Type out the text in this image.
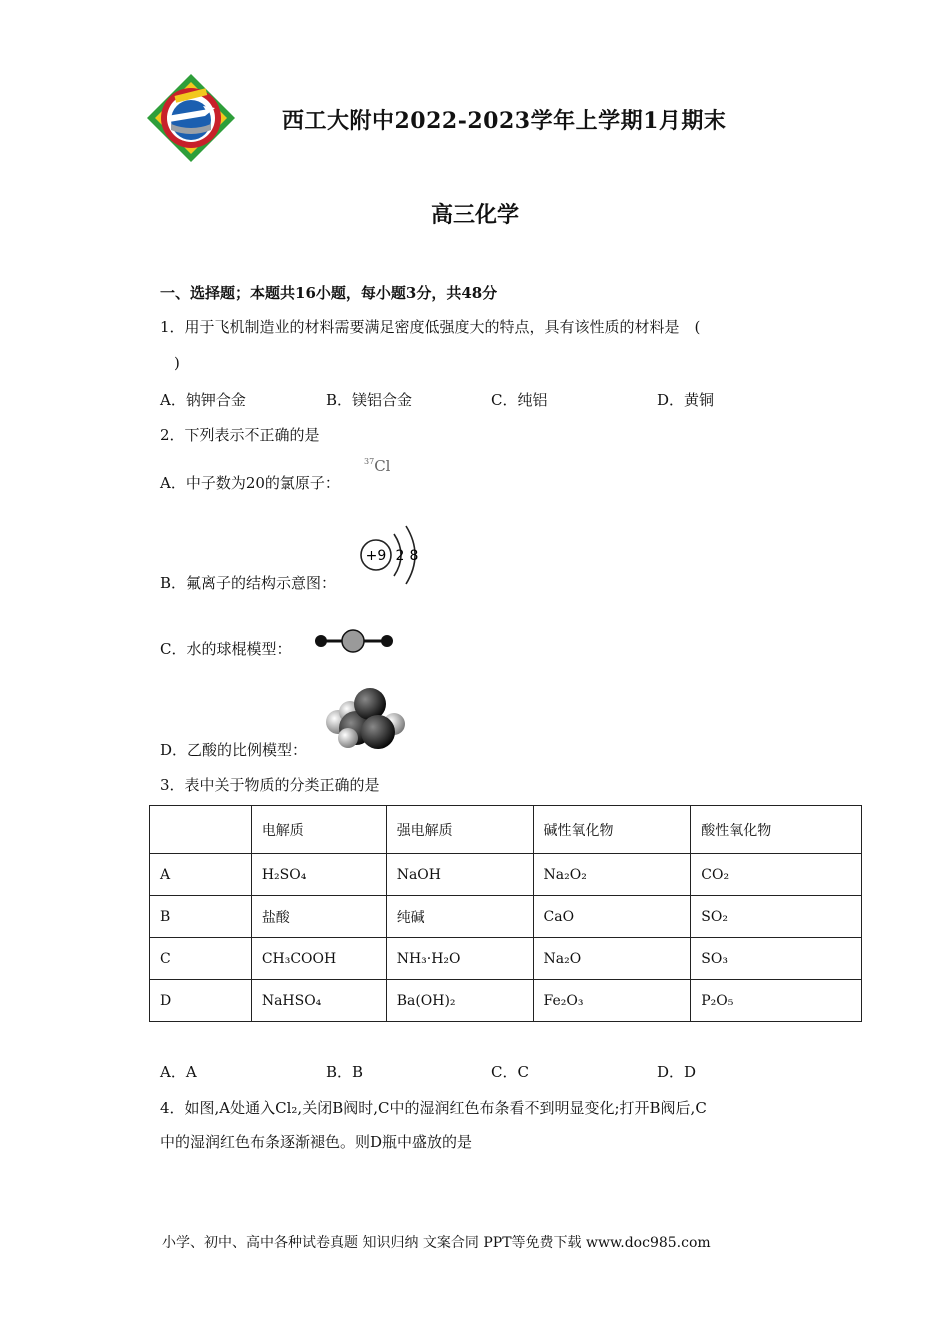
西工大附中2022-2023学年上学期1月期末
高三化学
一、选择题；本题共16小题，每小题3分，共48分
1．用于飞机制造业的材料需要满足密度低强度大的特点，具有该性质的材料是　(
)
A．钠钾合金	B．镁铝合金	C．纯铝	D．黄铜
2．下列表示不正确的是
A．中子数为20的氯原子：
$^{37}$Cl
B．氟离子的结构示意图：
+9 2 8
C．水的球棍模型：
D．乙酸的比例模型：
3．表中关于物质的分类正确的是
	电解质	强电解质	碱性氧化物	酸性氧化物
A	H₂SO₄	NaOH	Na₂O₂	CO₂
B	盐酸	纯碱	CaO	SO₂
C	CH₃COOH	NH₃·H₂O	Na₂O	SO₃
D	NaHSO₄	Ba(OH)₂	Fe₂O₃	P₂O₅
A．A	B．B	C．C	D．D
4．如图,A处通入Cl₂,关闭B阀时,C中的湿润红色布条看不到明显变化;打开B阀后,C
中的湿润红色布条逐渐褪色。则D瓶中盛放的是
小学、初中、高中各种试卷真题 知识归纳 文案合同 PPT等免费下载 www.doc985.com
